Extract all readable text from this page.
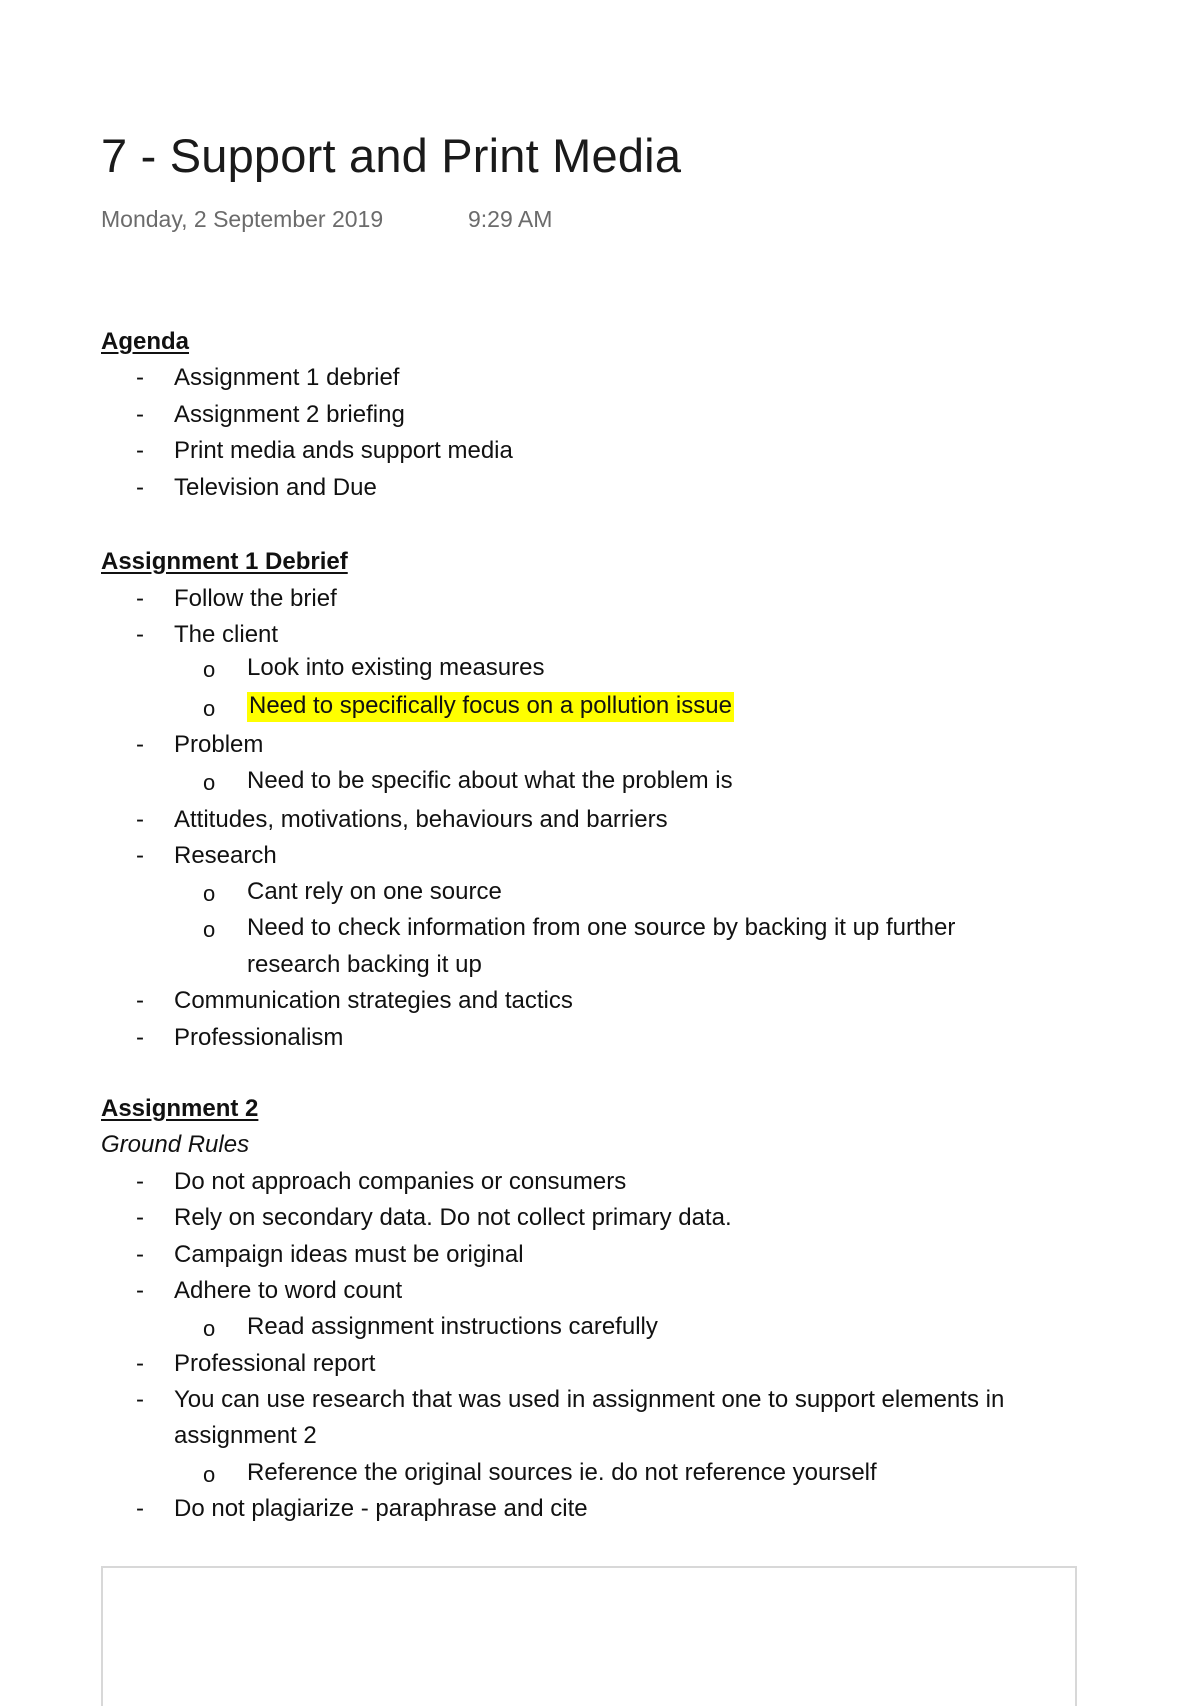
7 - Support and Print Media
Monday, 2 September 2019	9:29 AM
Agenda
- Assignment 1 debrief
- Assignment 2 briefing
- Print media ands support media
- Television and Due
Assignment 1 Debrief
- Follow the brief
- The client
o Look into existing measures
o Need to specifically focus on a pollution issue
- Problem
o Need to be specific about what the problem is
- Attitudes, motivations, behaviours and barriers
- Research
o Cant rely on one source
o Need to check information from one source by backing it up further
research backing it up
- Communication strategies and tactics
- Professionalism
Assignment 2
Ground Rules
- Do not approach companies or consumers
- Rely on secondary data. Do not collect primary data.
- Campaign ideas must be original
- Adhere to word count
o Read assignment instructions carefully
- Professional report
- You can use research that was used in assignment one to support elements in
assignment 2
o Reference the original sources ie. do not reference yourself
- Do not plagiarize - paraphrase and cite
